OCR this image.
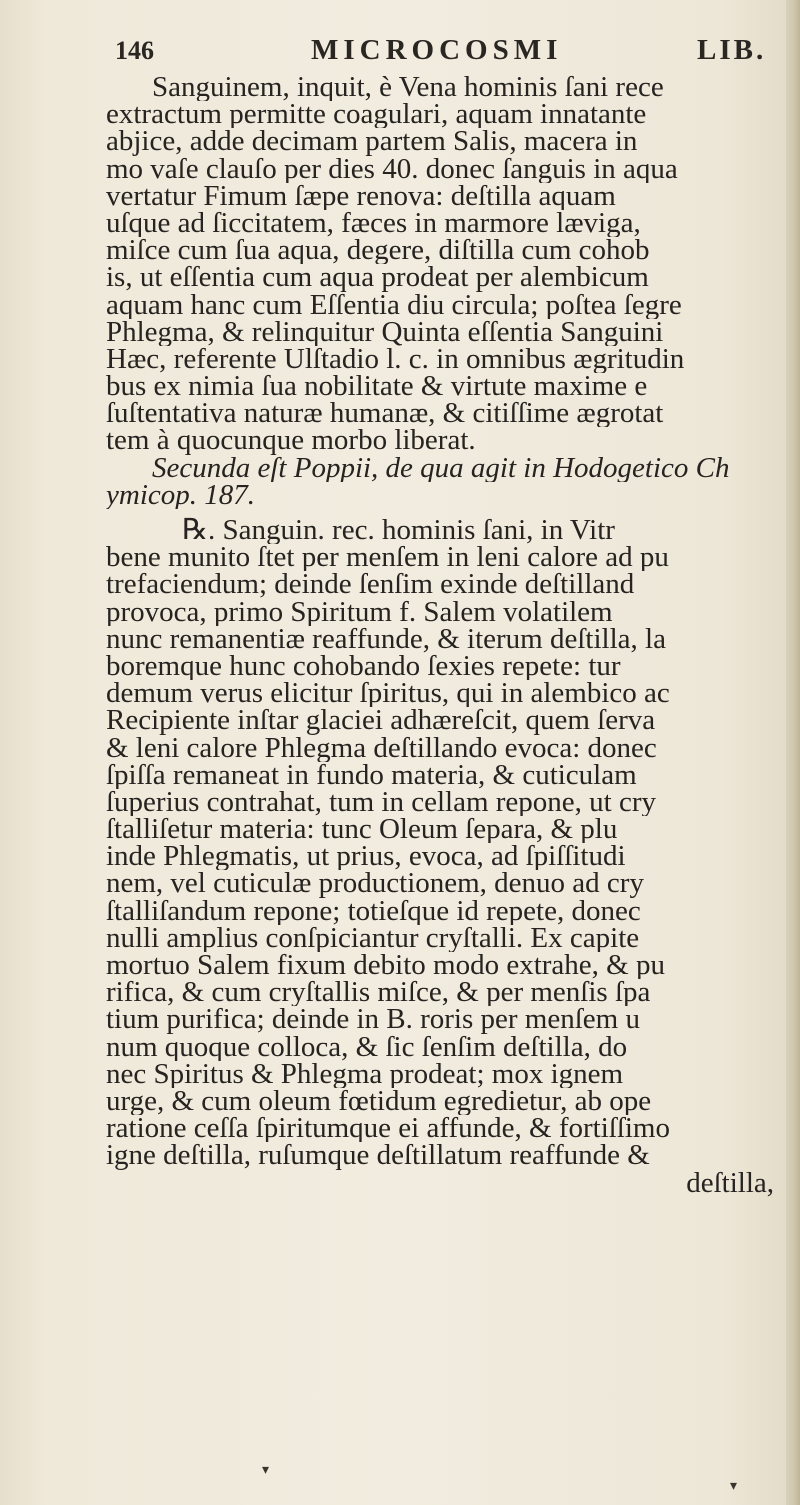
146	MICROCOSMI	LIB.
Sanguinem, inquit, è Vena hominis ſani rece
extractum permitte coagulari, aquam innatante
abjice, adde decimam partem Salis, macera in
mo vaſe clauſo per dies 40. donec ſanguis in aqua
vertatur Fimum ſæpe renova: deſtilla aquam
uſque ad ſiccitatem, fæces in marmore læviga,
miſce cum ſua aqua, degere, diſtilla cum cohob
is, ut eſſentia cum aqua prodeat per alembicum
aquam hanc cum Eſſentia diu circula; poſtea ſegre
Phlegma, & relinquitur Quinta eſſentia Sanguini
Hæc, referente Ulſtadio l. c. in omnibus ægritudin
bus ex nimia ſua nobilitate & virtute maxime e
ſuſtentativa naturæ humanæ, & citiſſime ægrotat
tem à quocunque morbo liberat.
Secunda eſt Poppii, de qua agit in Hodogetico Ch
ymicop. 187.
℞. Sanguin. rec. hominis ſani, in Vitr
bene munito ſtet per menſem in leni calore ad pu
trefaciendum; deinde ſenſim exinde deſtilland
provoca, primo Spiritum f. Salem volatilem
nunc remanentiæ reaffunde, & iterum deſtilla, la
boremque hunc cohobando ſexies repete: tur
demum verus elicitur ſpiritus, qui in alembico ac
Recipiente inſtar glaciei adhæreſcit, quem ſerva
& leni calore Phlegma deſtillando evoca: donec
ſpiſſa remaneat in fundo materia, & cuticulam
ſuperius contrahat, tum in cellam repone, ut cry
ſtalliſetur materia: tunc Oleum ſepara, & plu
inde Phlegmatis, ut prius, evoca, ad ſpiſſitudi
nem, vel cuticulæ productionem, denuo ad cry
ſtalliſandum repone; totieſque id repete, donec
nulli amplius conſpiciantur cryſtalli. Ex capite
mortuo Salem fixum debito modo extrahe, & pu
rifica, & cum cryſtallis miſce, & per menſis ſpa
tium purifica; deinde in B. roris per menſem u
num quoque colloca, & ſic ſenſim deſtilla, do
nec Spiritus & Phlegma prodeat; mox ignem
urge, & cum oleum fœtidum egredietur, ab ope
ratione ceſſa ſpiritumque ei affunde, & fortiſſimo
igne deſtilla, ruſumque deſtillatum reaffunde &
deſtilla,
▾
▾
